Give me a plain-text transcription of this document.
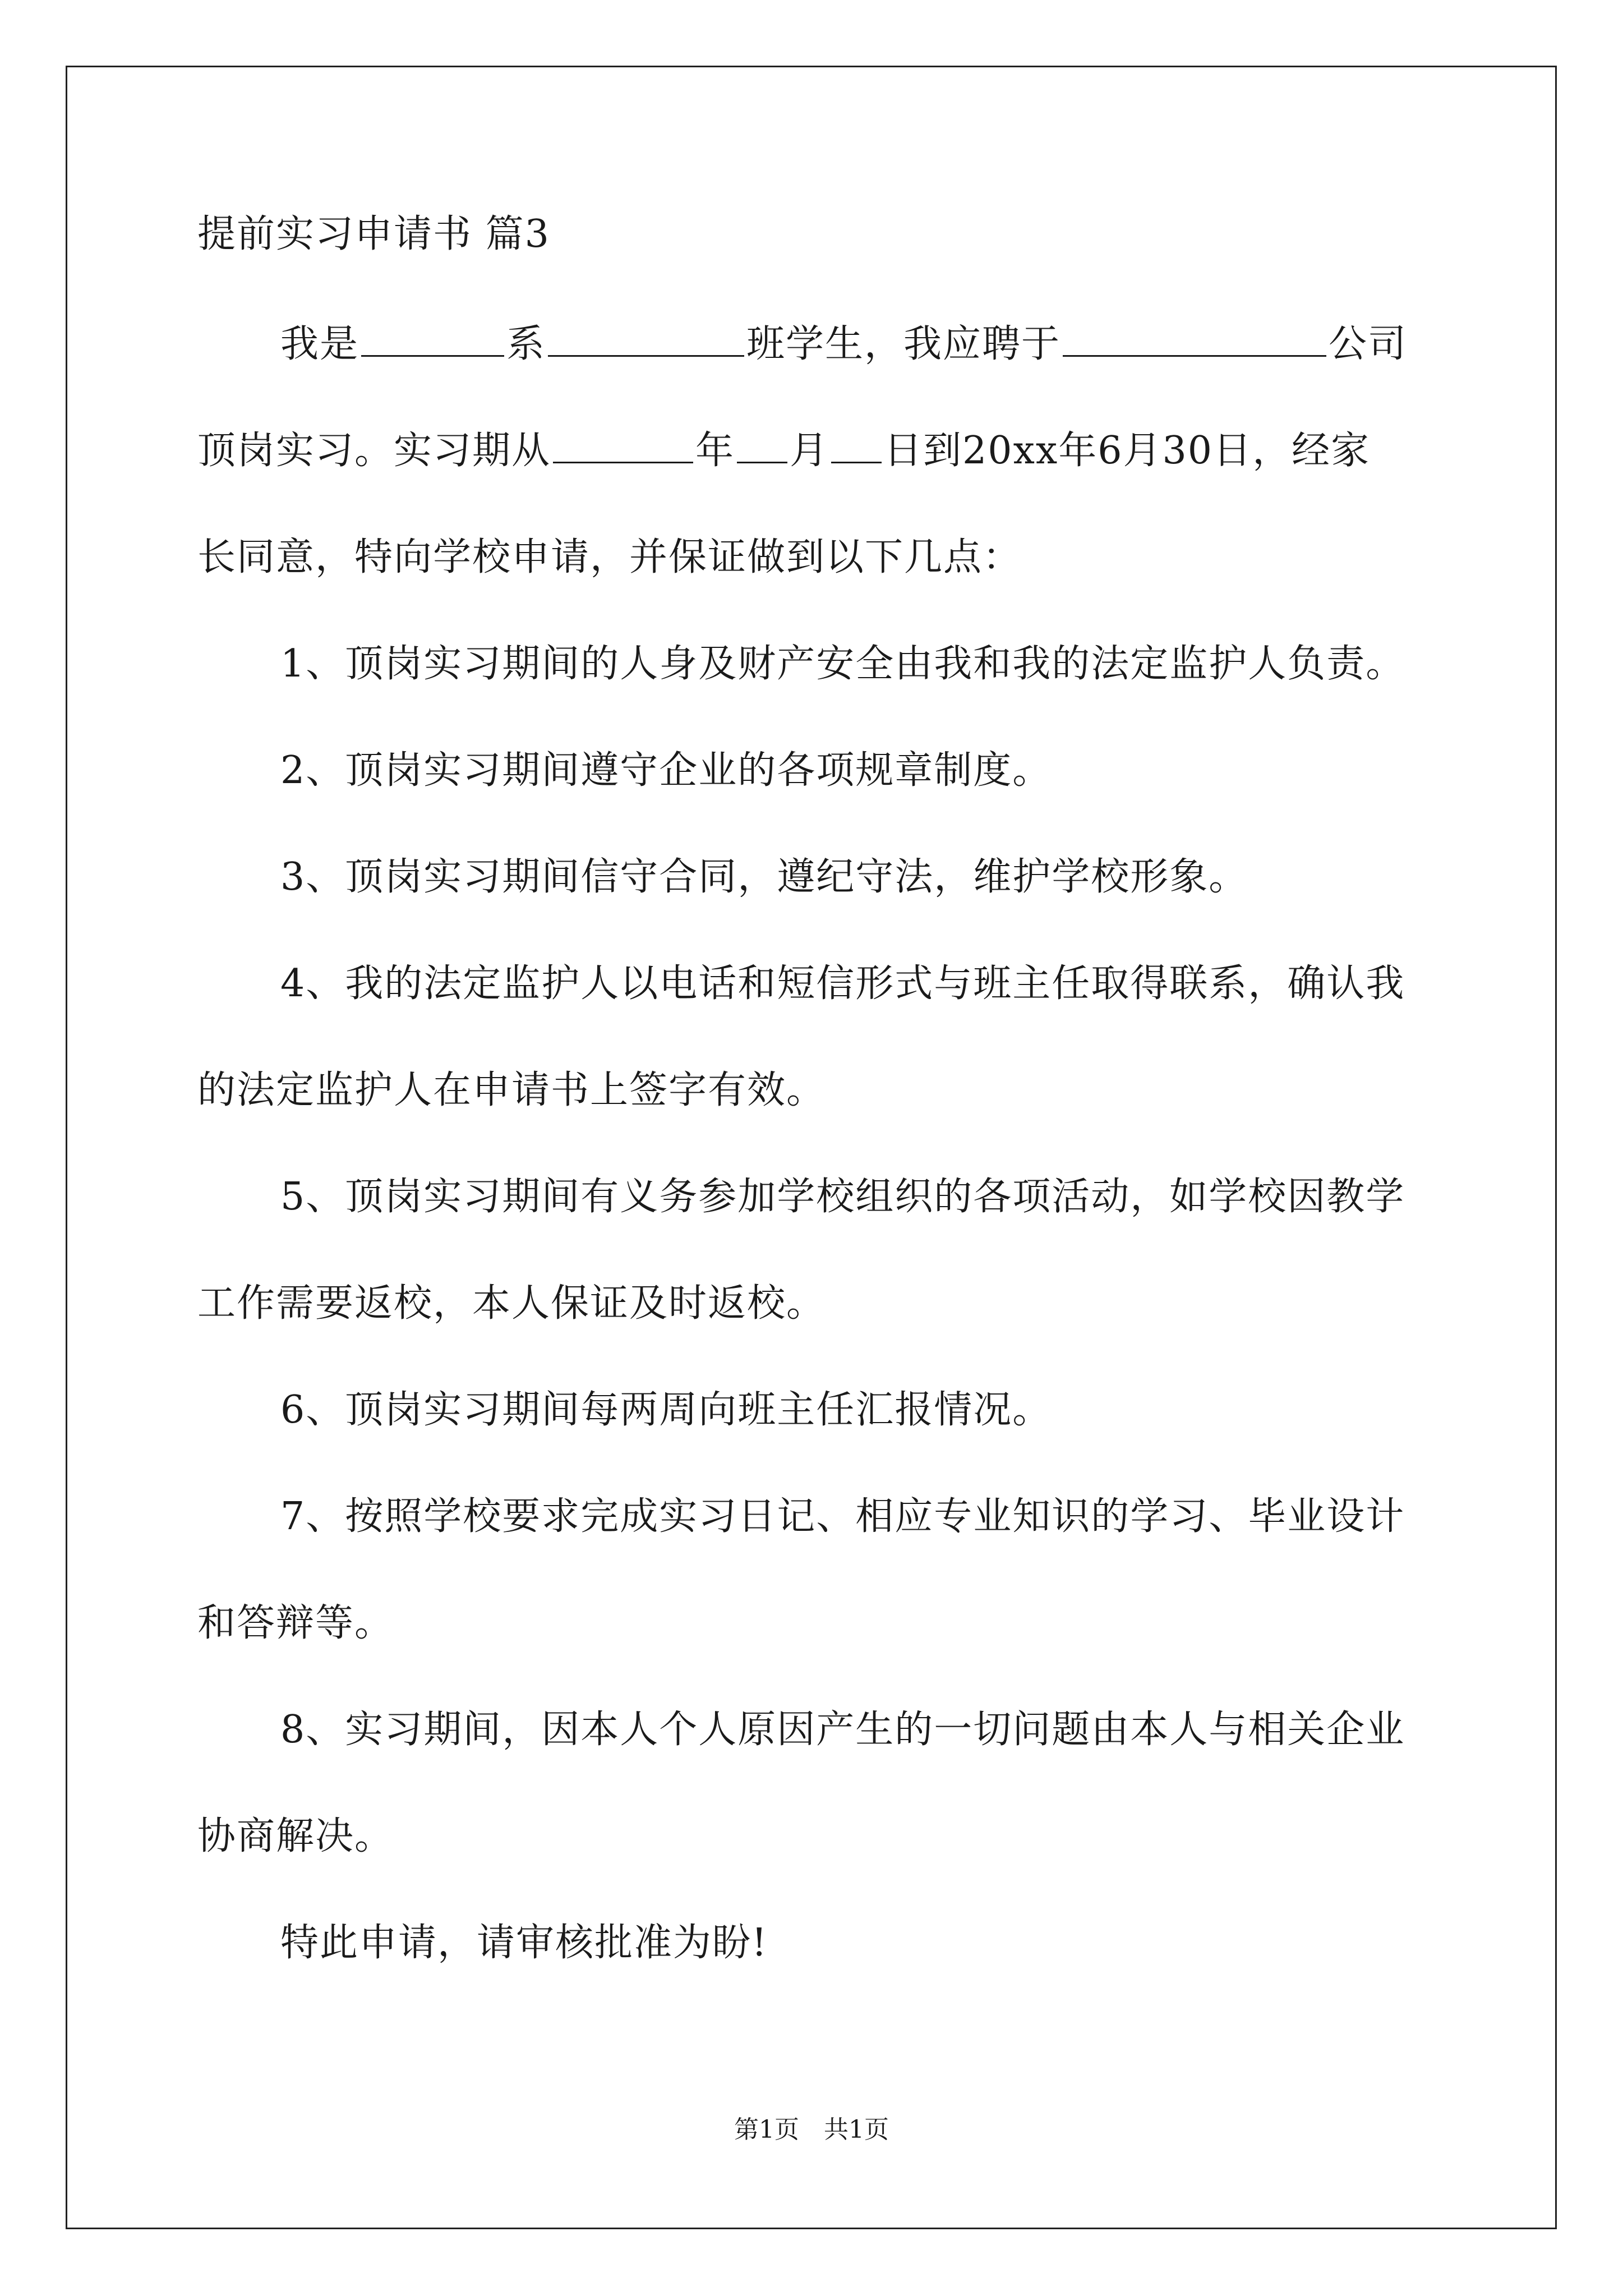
提前实习申请书 篇3
我是	系	班学生，我应聘于	公司
顶岗实习。实习期从	年 月 日到20xx年6月30日，经家
长同意，特向学校申请，并保证做到以下几点：
1、顶岗实习期间的人身及财产安全由我和我的法定监护人负责。
2、顶岗实习期间遵守企业的各项规章制度。
3、顶岗实习期间信守合同，遵纪守法，维护学校形象。
4、我的法定监护人以电话和短信形式与班主任取得联系，确认我
的法定监护人在申请书上签字有效。
5、顶岗实习期间有义务参加学校组织的各项活动，如学校因教学
工作需要返校，本人保证及时返校。
6、顶岗实习期间每两周向班主任汇报情况。
7、按照学校要求完成实习日记、相应专业知识的学习、毕业设计
和答辩等。
8、实习期间，因本人个人原因产生的一切问题由本人与相关企业
协商解决。
特此申请，请审核批准为盼!
第1页 共1页
